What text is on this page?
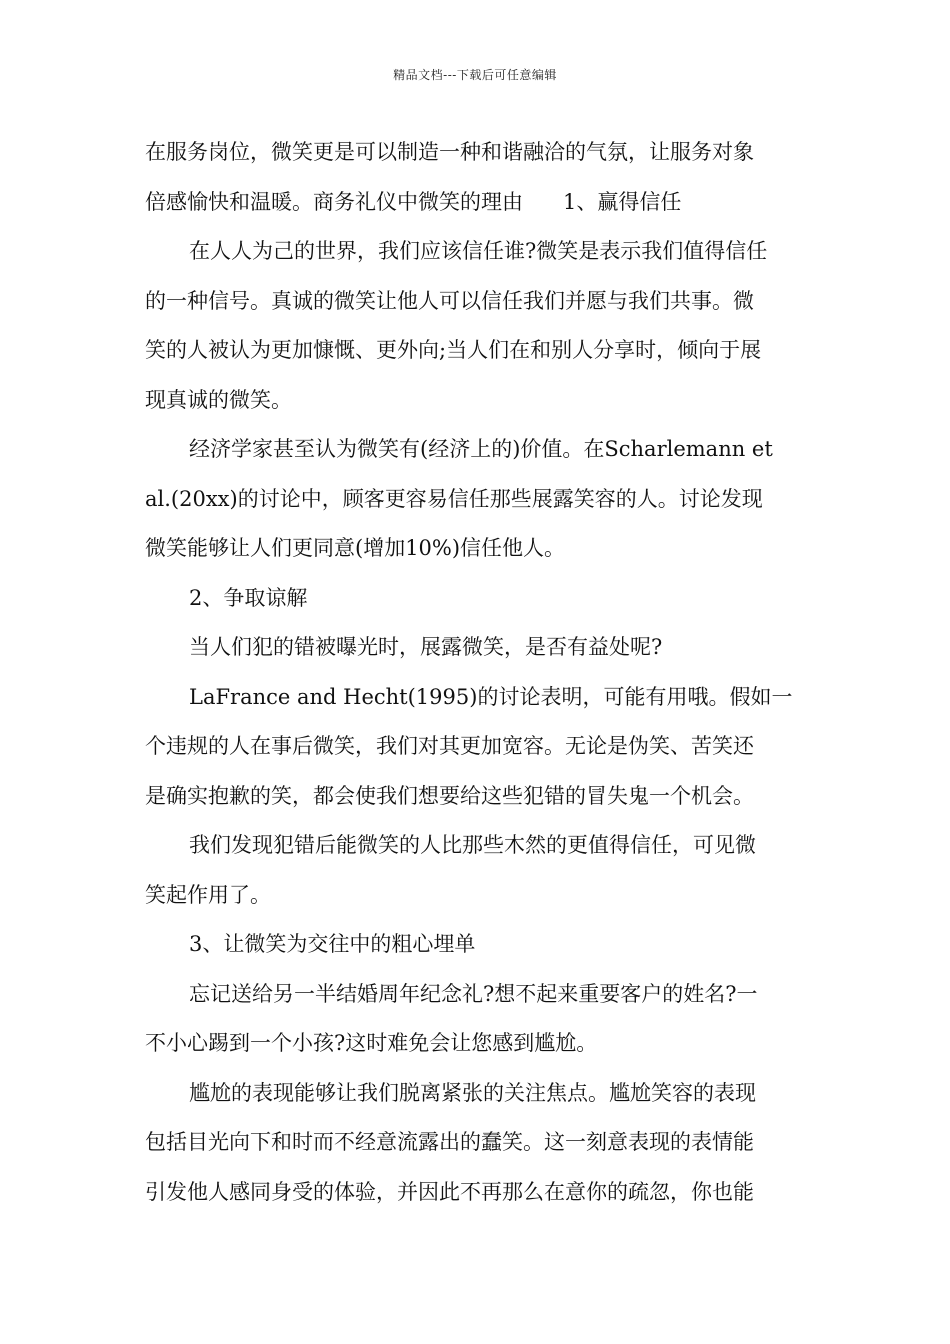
精品文档---下载后可任意编辑
在服务岗位，微笑更是可以制造一种和谐融洽的气氛，让服务对象
倍感愉快和温暖。商务礼仪中微笑的理由      1、赢得信任
在人人为己的世界，我们应该信任谁?微笑是表示我们值得信任
的一种信号。真诚的微笑让他人可以信任我们并愿与我们共事。微
笑的人被认为更加慷慨、更外向;当人们在和别人分享时，倾向于展
现真诚的微笑。
经济学家甚至认为微笑有(经济上的)价值。在Scharlemann et
al.(20xx)的讨论中，顾客更容易信任那些展露笑容的人。讨论发现
微笑能够让人们更同意(增加10%)信任他人。
2、争取谅解
当人们犯的错被曝光时，展露微笑，是否有益处呢?
LaFrance and Hecht(1995)的讨论表明，可能有用哦。假如一
个违规的人在事后微笑，我们对其更加宽容。无论是伪笑、苦笑还
是确实抱歉的笑，都会使我们想要给这些犯错的冒失鬼一个机会。
我们发现犯错后能微笑的人比那些木然的更值得信任，可见微
笑起作用了。
3、让微笑为交往中的粗心埋单
忘记送给另一半结婚周年纪念礼?想不起来重要客户的姓名?一
不小心踢到一个小孩?这时难免会让您感到尴尬。
尴尬的表现能够让我们脱离紧张的关注焦点。尴尬笑容的表现
包括目光向下和时而不经意流露出的蠢笑。这一刻意表现的表情能
引发他人感同身受的体验，并因此不再那么在意你的疏忽，你也能
